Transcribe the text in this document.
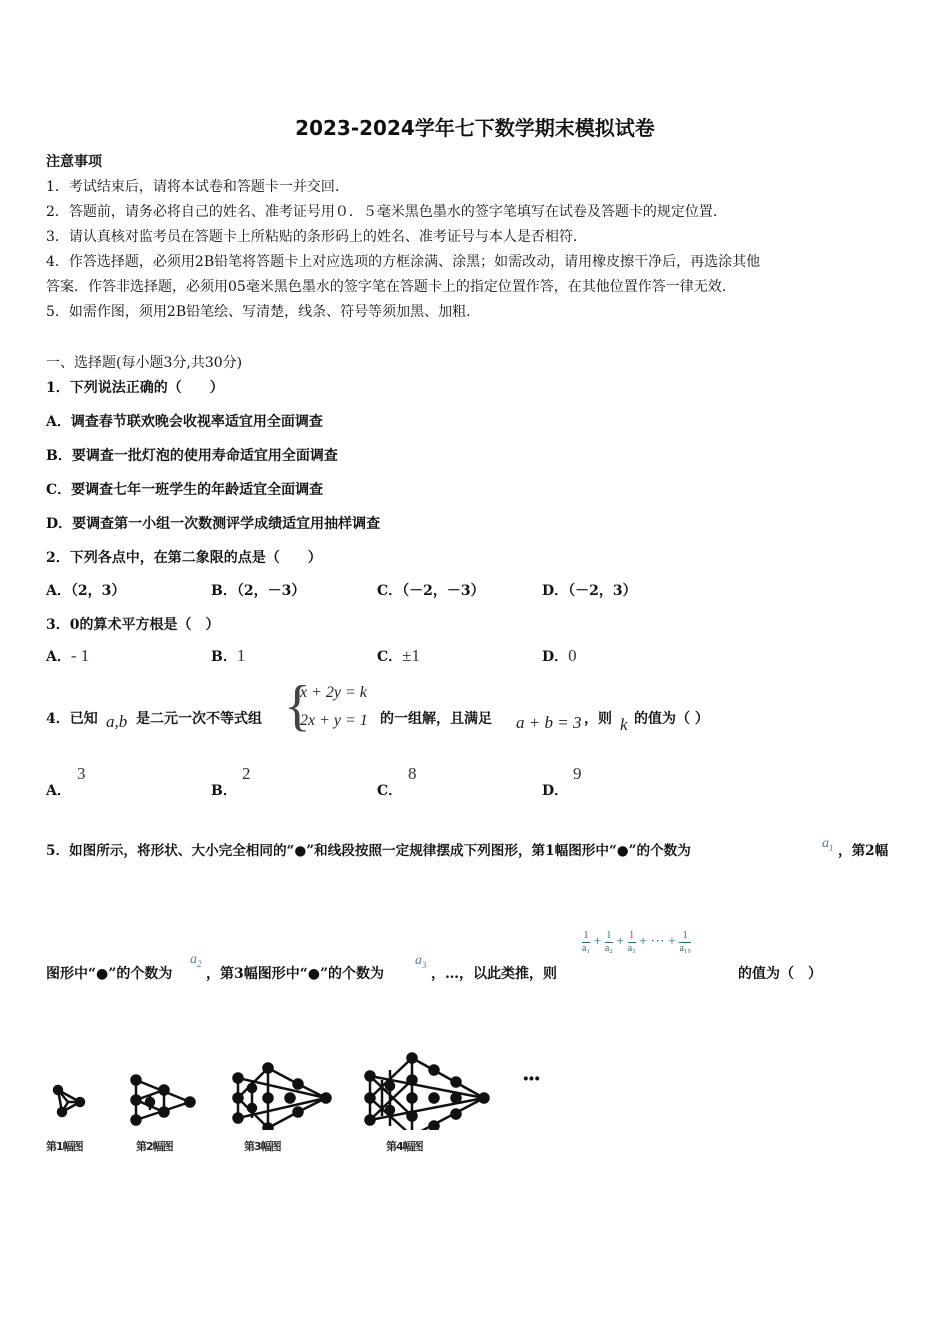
2023-2024学年七下数学期末模拟试卷
注意事项
1．考试结束后，请将本试卷和答题卡一并交回.
2．答题前，请务必将自己的姓名、准考证号用０．５毫米黑色墨水的签字笔填写在试卷及答题卡的规定位置.
3．请认真核对监考员在答题卡上所粘贴的条形码上的姓名、准考证号与本人是否相符.
4．作答选择题，必须用2B铅笔将答题卡上对应选项的方框涂满、涂黑；如需改动，请用橡皮擦干净后，再选涂其他
答案．作答非选择题，必须用05毫米黑色墨水的签字笔在答题卡上的指定位置作答，在其他位置作答一律无效.
5．如需作图，须用2B铅笔绘、写清楚，线条、符号等须加黑、加粗.
一、选择题(每小题3分,共30分)
1．下列说法正确的（　　）
A．调查春节联欢晚会收视率适宜用全面调查
B．要调查一批灯泡的使用寿命适宜用全面调查
C．要调查七年一班学生的年龄适宜全面调查
D．要调查第一小组一次数测评学成绩适宜用抽样调查
2．下列各点中，在第二象限的点是（　　）
A．（2，3）	B．（2，－3）	C．（－2，－3）	D．（－2，3）
3．0的算术平方根是（　）
A．- 1	B．1	C．±1	D．0
4．已知 a,b 是二元一次不等式组 {
x + 2y = k
2x + y = 1 的一组解，且满足 a + b = 3 ，则 k 的值为（ ）
A．
3
B．
2
C．
8
D．
9
5．如图所示，将形状、大小完全相同的“●”和线段按照一定规律摆成下列图形，第1幅图形中“●”的个数为	$a_1$ ，第2幅
图形中“●”的个数为
$a_2$
，第3幅图形中“●”的个数为
$a_3$
，…，以此类推，则
$\frac{1}{\text{a₁}} + \frac{1}{\text{a₂}} + \frac{1}{\text{a₃}}$ + ··· + $\frac{1}{\text{a₁₉}}$
的值为（　）
···
第1幅图	第2幅图	第3幅图	第4幅图
